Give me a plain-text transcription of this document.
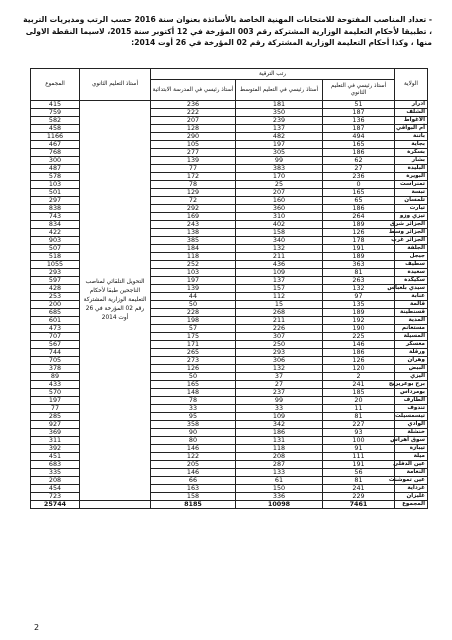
- تعداد المناصب المفتوحة للامتحانات المهنية الخاصة بالأساتذة بعنوان سنة 2016 حسب الرتب ومديريات التربية ، تطبيقا لأحكام التعليمة الوزارية المشتركة رقم 003 المؤرخة في 12 أكتوبر سنة 2015، لاسيما النقطة الاولى منها ، وكذا أحكام التعليمة الوزارية المشتركة رقم 02 المؤرخة في 26 أوت 2014:
المجموع	أستاذ التعليم الثانوي	رتب الترقية			الولاية
		أستاذ رئيسي في المدرسة الابتدائية	أستاذ رئيسي في التعليم المتوسط	أستاذ رئيسي في التعليم الثانوي	
415	التحويل التلقائي لمناصب الناجحين طبقا لأحكام التعليمة الوزارية المشتركة رقم 02 المؤرخة في 26 أوت 2014	236	181	51	ادرار
759		222	350	187	الشلف
582		207	239	136	الاغواط
458		128	137	187	أم البواقي
1166		290	482	494	باتنة
467		105	197	165	بجاية
768		277	305	186	بسكرة
300		139	99	62	بشار
487		77	383	27	البليدة
578		172	170	236	البويرة
103		78	25	0	تمنراست
501		129	207	165	تبسة
297		72	160	65	تلمسان
838		292	360	186	تيارت
743		169	310	264	تيزي وزو
834		243	402	189	الجزائر شرق
422		138	158	126	الجزائر وسط
903		385	340	178	الجزائر غرب
507		184	132	191	الجلفة
518		118	211	189	جيجل
1055		252	436	363	سطيف
293		103	109	81	سعيدة
597		197	137	263	سكيكدة
428		139	157	132	سيدي بلعباس
253		44	112	97	عنابة
200		50	15	135	قالمة
685		228	268	189	قسنطينة
601		198	211	192	المدية
473		57	226	190	مستغانم
707		175	307	225	المسيلة
567		171	250	146	معسكر
744		265	293	186	ورقلة
705		273	306	126	وهران
378		126	132	120	البيض
89		50	37	2	اليزي
433		165	27	241	برج بوعريريج
570		148	237	185	بومرداس
197		78	99	20	الطارف
77		33	33	11	تندوف
285		95	109	81	تيسمسيلت
927		358	342	227	الوادي
369		90	186	93	خنشلة
311		80	131	100	سوق أهراس
392		146	118	91	تيبازة
451		122	208	111	ميلة
683		205	287	191	عين الدفلى
335		146	133	56	النعامة
208		66	61	81	عين تموشنت
454		163	150	241	غرداية
723		158	336	229	غليزان
25744		8185	10098	7461	المجموع
2
